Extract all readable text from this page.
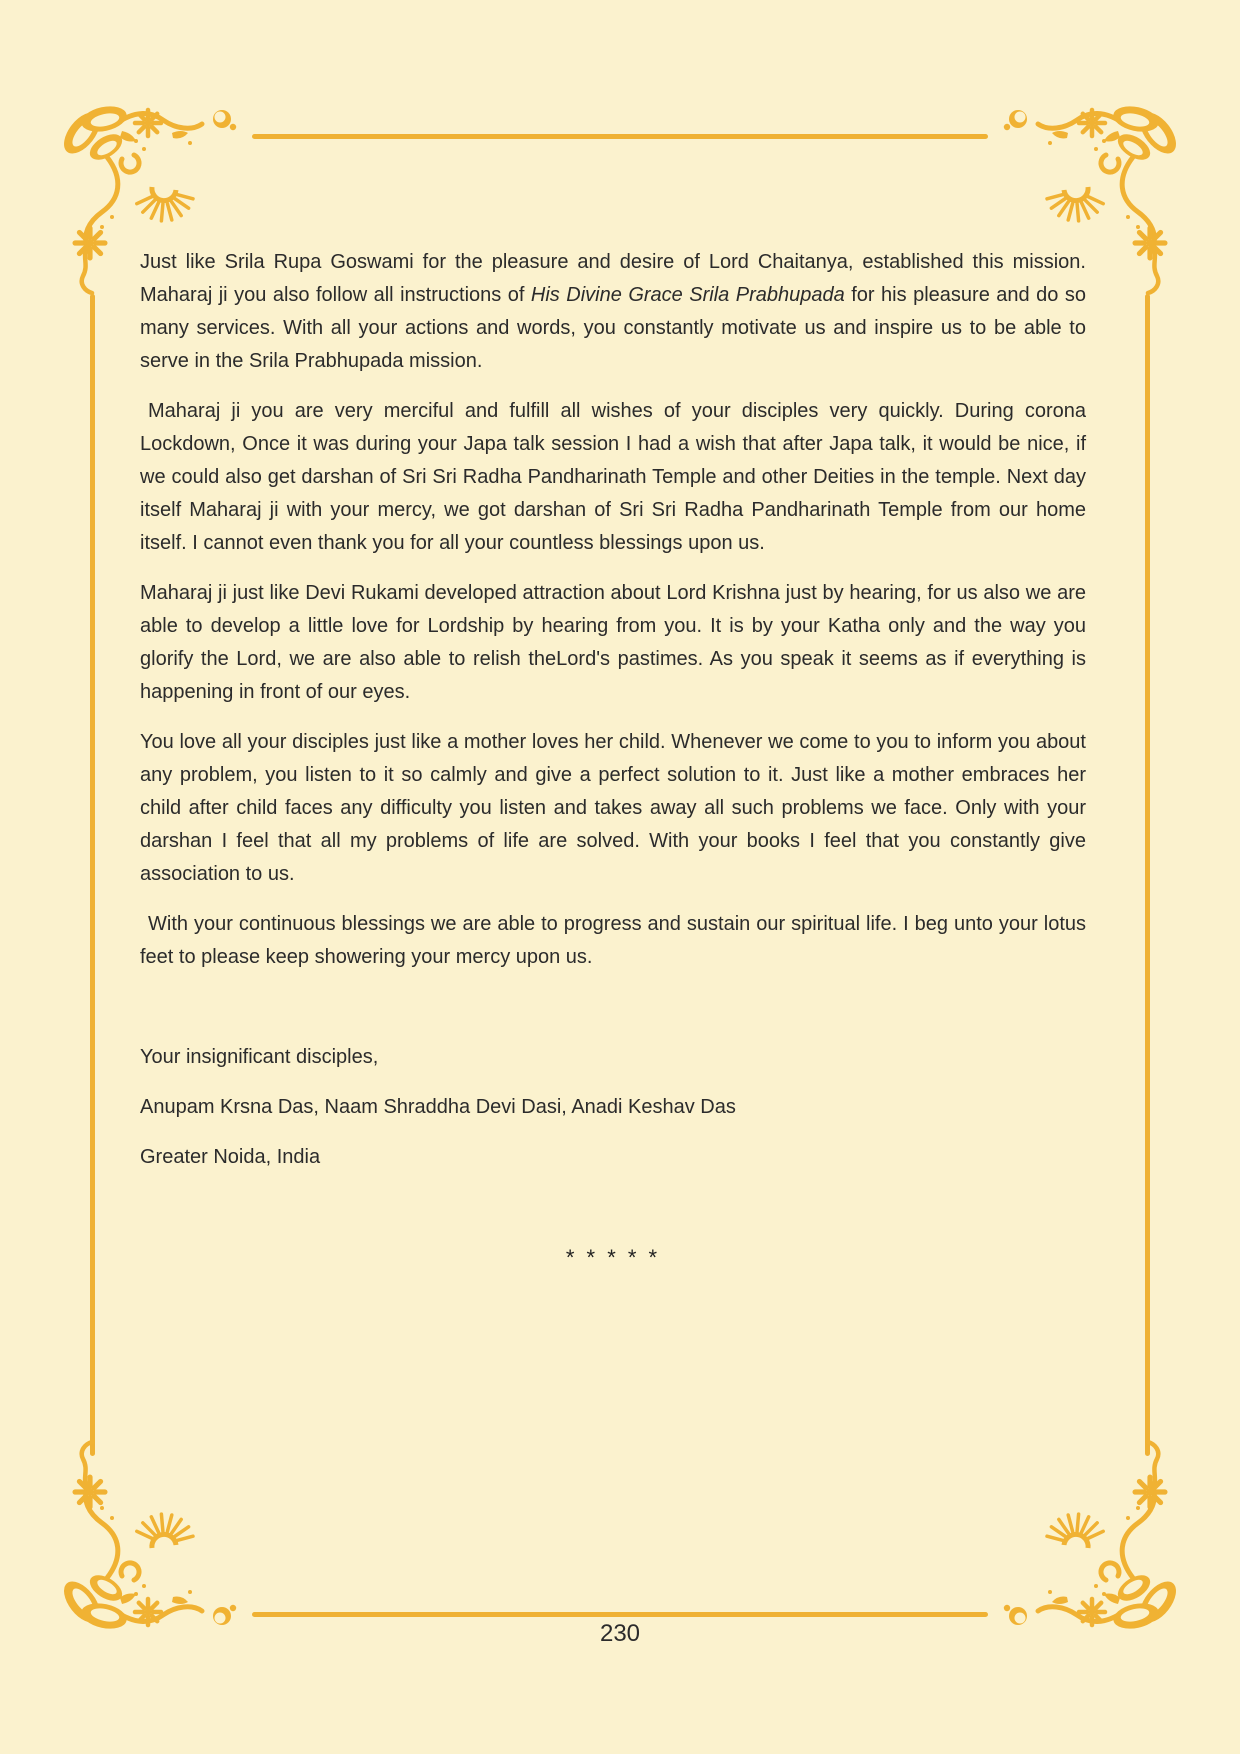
Just like Srila Rupa Goswami for the pleasure and desire of Lord Chaitanya, established this mission. Maharaj ji you also follow all instructions of His Divine Grace Srila Prabhupada for his pleasure and do so many services. With all your actions and words, you constantly motivate us and inspire us to be able to serve in the Srila Prabhupada mission.

Maharaj ji you are very merciful and fulfill all wishes of your disciples very quickly. During corona Lockdown, Once it was during your Japa talk session I had a wish that after Japa talk, it would be nice, if we could also get darshan of Sri Sri Radha Pandharinath Temple and other Deities in the temple. Next day itself Maharaj ji with your mercy, we got darshan of Sri Sri Radha Pandharinath Temple from our home itself. I cannot even thank you for all your countless blessings upon us.

Maharaj ji just like Devi Rukami developed attraction about Lord Krishna just by hearing, for us also we are able to develop a little love for Lordship by hearing from you. It is by your Katha only and the way you glorify the Lord, we are also able to relish theLord's pastimes. As you speak it seems as if everything is happening in front of our eyes.

You love all your disciples just like a mother loves her child. Whenever we come to you to inform you about any problem, you listen to it so calmly and give a perfect solution to it. Just like a mother embraces her child after child faces any difficulty you listen and takes away all such problems we face. Only with your darshan I feel that all my problems of life are solved. With your books I feel that you constantly give association to us.

With your continuous blessings we are able to progress and sustain our spiritual life. I beg unto your lotus feet to please keep showering your mercy upon us.

Your insignificant disciples,

Anupam Krsna Das, Naam Shraddha Devi Dasi, Anadi Keshav Das

Greater Noida, India

* * * * *

230
